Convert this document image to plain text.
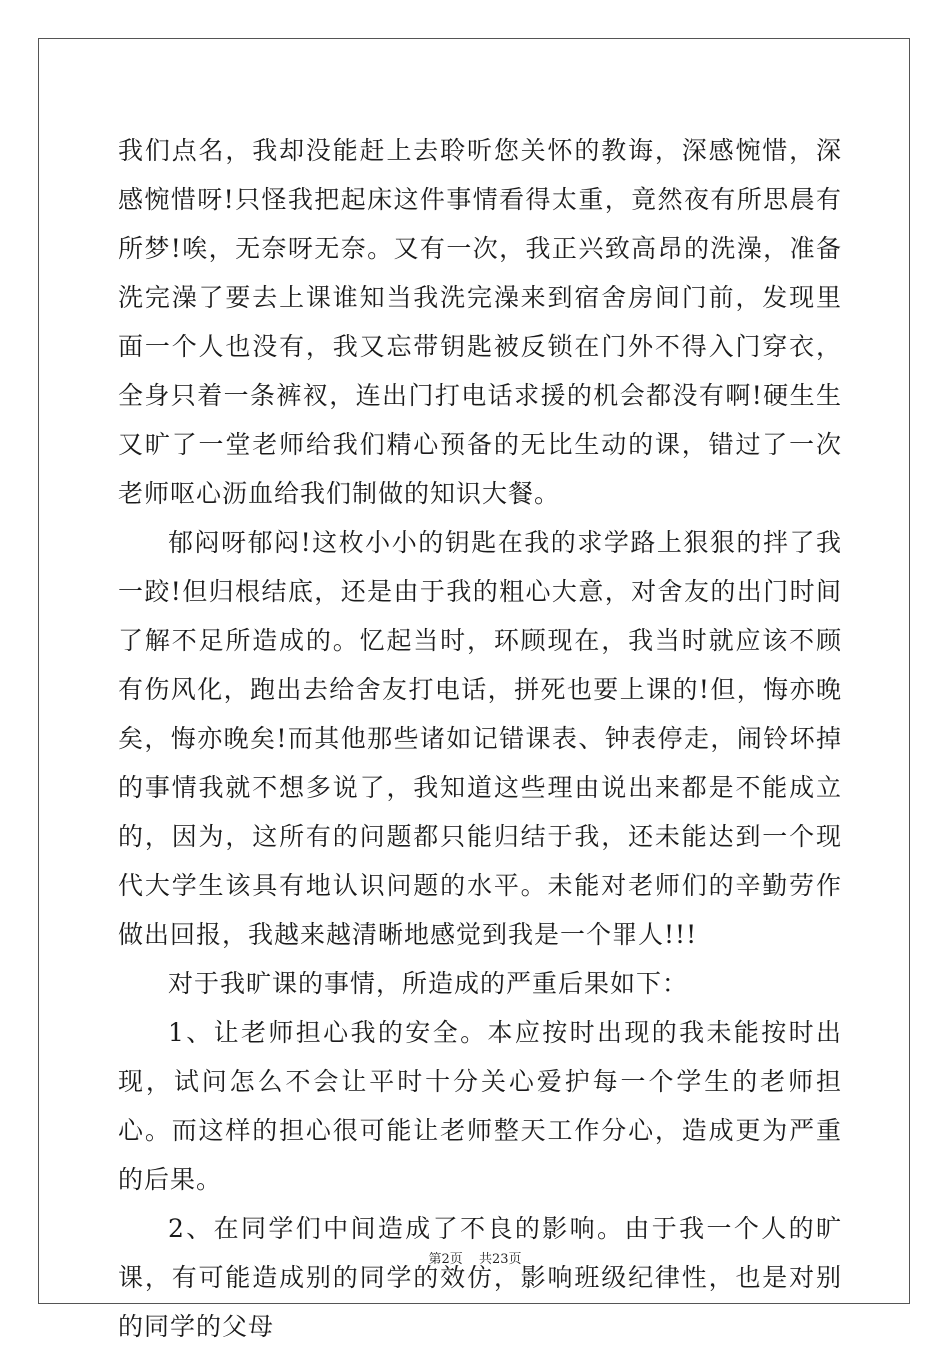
我们点名，我却没能赶上去聆听您关怀的教诲，深感惋惜，深感惋惜呀!只怪我把起床这件事情看得太重，竟然夜有所思晨有所梦!唉，无奈呀无奈。又有一次，我正兴致高昂的洗澡，准备洗完澡了要去上课谁知当我洗完澡来到宿舍房间门前，发现里面一个人也没有，我又忘带钥匙被反锁在门外不得入门穿衣，全身只着一条裤衩，连出门打电话求援的机会都没有啊!硬生生又旷了一堂老师给我们精心预备的无比生动的课，错过了一次老师呕心沥血给我们制做的知识大餐。

郁闷呀郁闷!这枚小小的钥匙在我的求学路上狠狠的拌了我一跤!但归根结底，还是由于我的粗心大意，对舍友的出门时间了解不足所造成的。忆起当时，环顾现在，我当时就应该不顾有伤风化，跑出去给舍友打电话，拼死也要上课的!但，悔亦晚矣，悔亦晚矣!而其他那些诸如记错课表、钟表停走，闹铃坏掉的事情我就不想多说了，我知道这些理由说出来都是不能成立的，因为，这所有的问题都只能归结于我，还未能达到一个现代大学生该具有地认识问题的水平。未能对老师们的辛勤劳作做出回报，我越来越清晰地感觉到我是一个罪人!!!

对于我旷课的事情，所造成的严重后果如下：

1、让老师担心我的安全。本应按时出现的我未能按时出现，试问怎么不会让平时十分关心爱护每一个学生的老师担心。而这样的担心很可能让老师整天工作分心，造成更为严重的后果。

2、在同学们中间造成了不良的影响。由于我一个人的旷课，有可能造成别的同学的效仿，影响班级纪律性，也是对别的同学的父母

第2页 共23页
